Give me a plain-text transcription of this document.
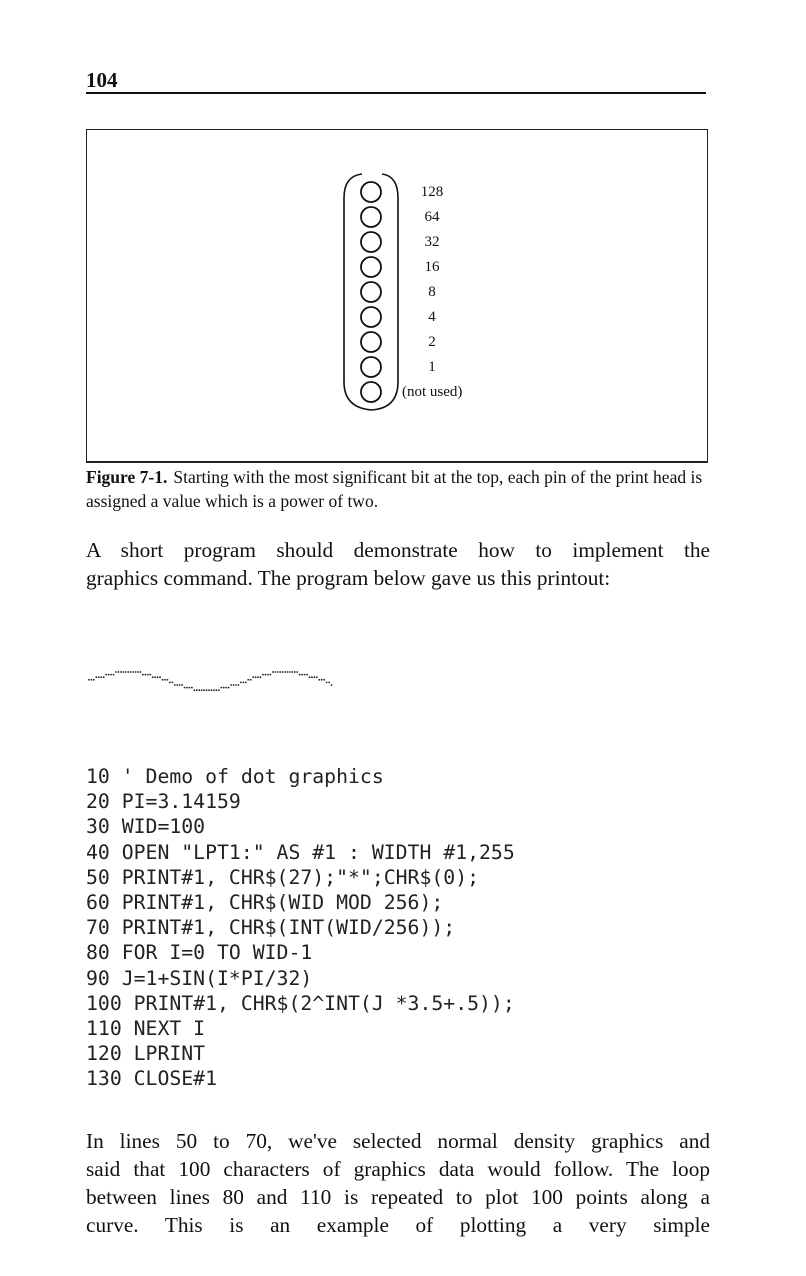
104
128
64
32
16
8
4
2
1
(not used)
Figure 7-1. Starting with the most significant bit at the top, each pin of the print head is assigned a value which is a power of two.
A short program should demonstrate how to implement the
graphics command. The program below gave us this printout:
10 ' Demo of dot graphics
20 PI=3.14159
30 WID=100
40 OPEN "LPT1:" AS #1 : WIDTH #1,255
50 PRINT#1, CHR$(27);"*";CHR$(0);
60 PRINT#1, CHR$(WID MOD 256);
70 PRINT#1, CHR$(INT(WID/256));
80 FOR I=0 TO WID-1
90 J=1+SIN(I*PI/32)
100 PRINT#1, CHR$(2^INT(J *3.5+.5));
110 NEXT I
120 LPRINT
130 CLOSE#1
In lines 50 to 70, we've selected normal density graphics and
said that 100 characters of graphics data would follow. The loop
between lines 80 and 110 is repeated to plot 100 points along a
curve. This is an example of plotting a very simple
